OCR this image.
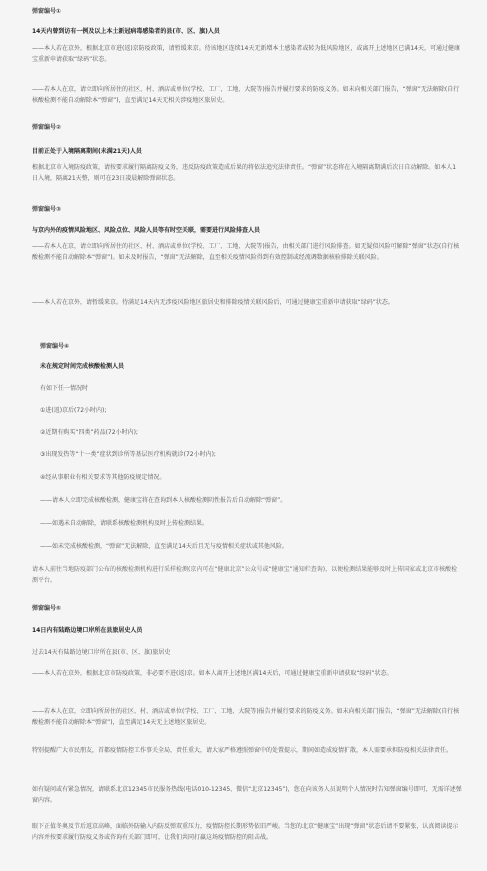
弹窗编号①
14天内曾到访有一例及以上本土新冠病毒感染者的县(市、区、旗)人员
——本人若在京外，根据北京市进(返)京防疫政策，请暂缓来京。待该地区连续14天无新增本土感染者或转为低风险地区，或离开上述地区已满14天，可通过健康宝重新申请获取“绿码”状态。
——若本人在京，请立即向所居住的社区、村、酒店或单位(学校、工厂、工地、大院等)报告并履行要求的防疫义务。如未向相关部门报告，“弹窗”无法解除(自行核酸检测不能自动解除本“弹窗”)，直至满足14天无相关涉疫地区旅居史。
弹窗编号②
目前正处于入境隔离期间(未满21天)人员
根据北京市入境防疫政策，请按要求履行隔离防疫义务，违反防疫政策造成后果的将依法追究法律责任。“弹窗”状态将在入境隔离期满后次日自动解除。如本人1日入境，隔离21天整，则可在23日凌晨解除弹窗状态。
弹窗编号③
与京内外的疫情风险地区、风险点位、风险人员等有时空关联，需要进行风险排查人员
——若本人在京，请立即向所居住的社区、村、酒店或单位(学校、工厂、工地、大院等)报告，由相关部门进行风险排查。如无疑似风险可解除“弹窗”状态(自行核酸检测不能自动解除本“弹窗”)。如未及时报告，“弹窗”无法解除，直至相关疫情风险得到有效控制或经流调数据核验排除关联风险。
——本人若在京外，请暂缓来京。待满足14天内无涉疫风险地区旅居史和排除疫情关联风险后，可通过健康宝重新申请获取“绿码”状态。
弹窗编号④
未在规定时间完成核酸检测人员
有如下任一情况时
①进(返)京后(72小时内);
②近期有购买“四类”药品(72小时内);
③出现发热等“十一类”症状到诊所等基层医疗机构就诊(72小时内);
④经从事职业有相关要求等其他防疫规定情况。
——请本人立即完成核酸检测，健康宝将在查询到本人核酸检测阴性报告后自动解除“弹窗”。
——如遇未自动解除，请联系核酸检测机构及时上传检测结果。
——如未完成核酸检测，“弹窗”无法解除，直至满足14天后且无与疫情相关症状或其他风险。
请本人前往当地防疫部门公布的核酸检测机构进行采样检测(京内可在“健康北京”公众号或“健康宝”通知栏查询)，以便检测结果能够及时上传国家或北京市核酸检测平台。
弹窗编号⑤
14日内有陆路边境口岸所在县旅居史人员
过去14天有陆路边境口岸所在县(市、区、旗)旅居史
——本人若在京外，根据北京市防疫政策，非必要不进(返)京。如本人离开上述地区满14天后，可通过健康宝重新申请获取“绿码”状态。
——若本人在京，立即向所居住的社区、村、酒店或单位(学校、工厂、工地、大院等)报告并履行要求的防疫义务。如未向相关部门报告，“弹窗”无法解除(自行核酸检测不能自动解除本“弹窗”)，直至满足14天无上述地区旅居史。
特别提醒广大市民朋友，首都疫情防控工作事关全局，责任重大，请大家严格遵照弹窗中的处置提示，期间如造成疫情扩散，本人需要承担防疫相关法律责任。
如有疑问或有紧急情况，请联系北京12345市民服务热线(电话010-12345、微信“北京12345”)，您在向该务人员说明个人情况时告知弹窗编号即可，无需详述弹窗内容。
眼下正值冬奥及节后返京高峰，面临外防输入内防反弹双重压力，疫情防控长期形势依旧严峻。当您的北京“健康宝”出现“弹窗”状态后请不要紧张，认真阅读提示内容并按要求履行防疫义务或咨询有关部门即可，让我们共同打赢这场疫情防控的阻击战。
